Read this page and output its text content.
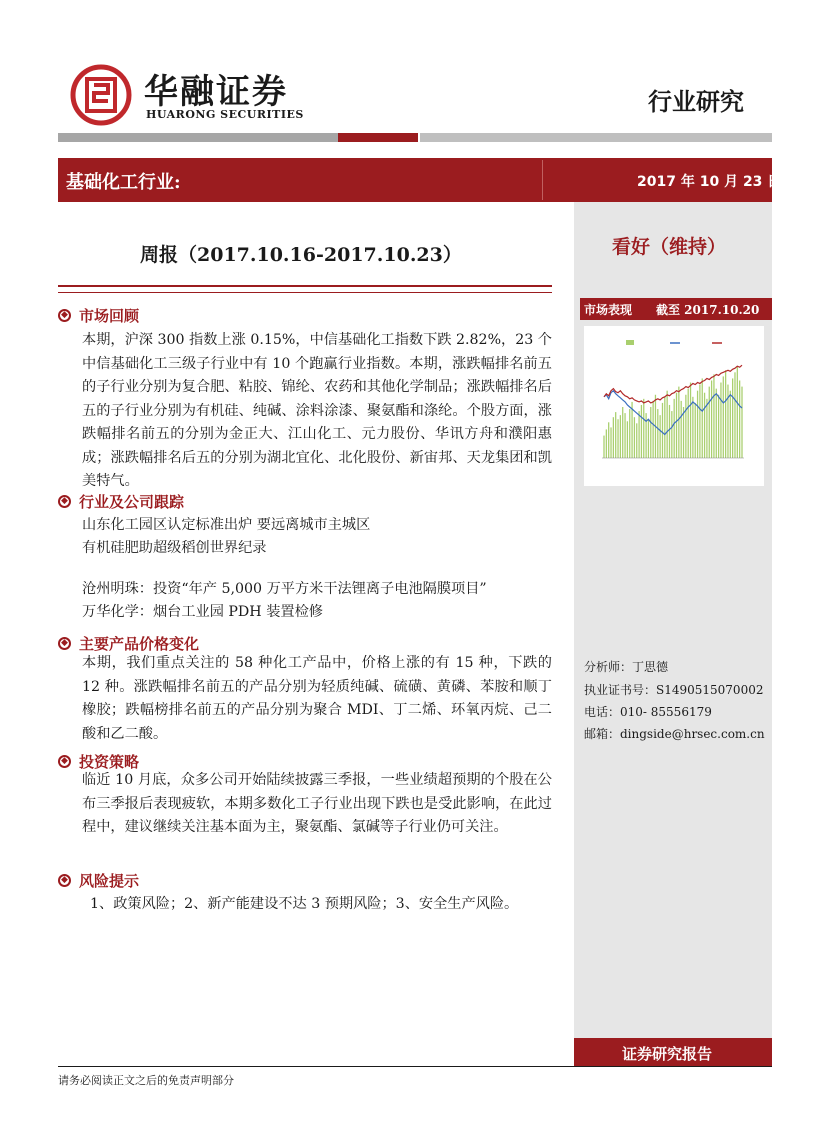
华融证券
HUARONG SECURITIES	行业研究
基础化工行业:	2017 年 10 月 23 日
看好（维持）
市场表现 截至 2017.10.20
分析师：丁思德
执业证书号：S1490515070002
电话：010- 85556179
邮箱：dingside@hrsec.com.cn
证券研究报告
周报（2017.10.16-2017.10.23）
◆ 市场回顾

本期，沪深 300 指数上涨 0.15%，中信基础化工指数下跌 2.82%，23 个中信基础化工三级子行业中有 10 个跑赢行业指数。本期，涨跌幅排名前五的子行业分别为复合肥、粘胶、锦纶、农药和其他化学制品；涨跌幅排名后五的子行业分别为有机硅、纯碱、涂料涂漆、聚氨酯和涤纶。个股方面，涨跌幅排名前五的分别为金正大、江山化工、元力股份、华讯方舟和濮阳惠成；涨跌幅排名后五的分别为湖北宜化、北化股份、新宙邦、天龙集团和凯美特气。

◆ 行业及公司跟踪
山东化工园区认定标准出炉 要远离城市主城区
有机硅肥助超级稻创世界纪录
沧州明珠：投资“年产 5,000 万平方米干法锂离子电池隔膜项目”
万华化学：烟台工业园 PDH 装置检修
◆ 主要产品价格变化

本期，我们重点关注的 58 种化工产品中，价格上涨的有 15 种，下跌的 12 种。涨跌幅排名前五的产品分别为轻质纯碱、硫磺、黄磷、苯胺和顺丁橡胶；跌幅榜排名前五的产品分别为聚合 MDI、丁二烯、环氧丙烷、己二酸和乙二酸。

◆ 投资策略

临近 10 月底，众多公司开始陆续披露三季报，一些业绩超预期的个股在公布三季报后表现疲软，本期多数化工子行业出现下跌也是受此影响，在此过程中，建议继续关注基本面为主，聚氨酯、氯碱等子行业仍可关注。

◆ 风险提示
1、政策风险；2、新产能建设不达 3 预期风险；3、安全生产风险。
请务必阅读正文之后的免责声明部分
